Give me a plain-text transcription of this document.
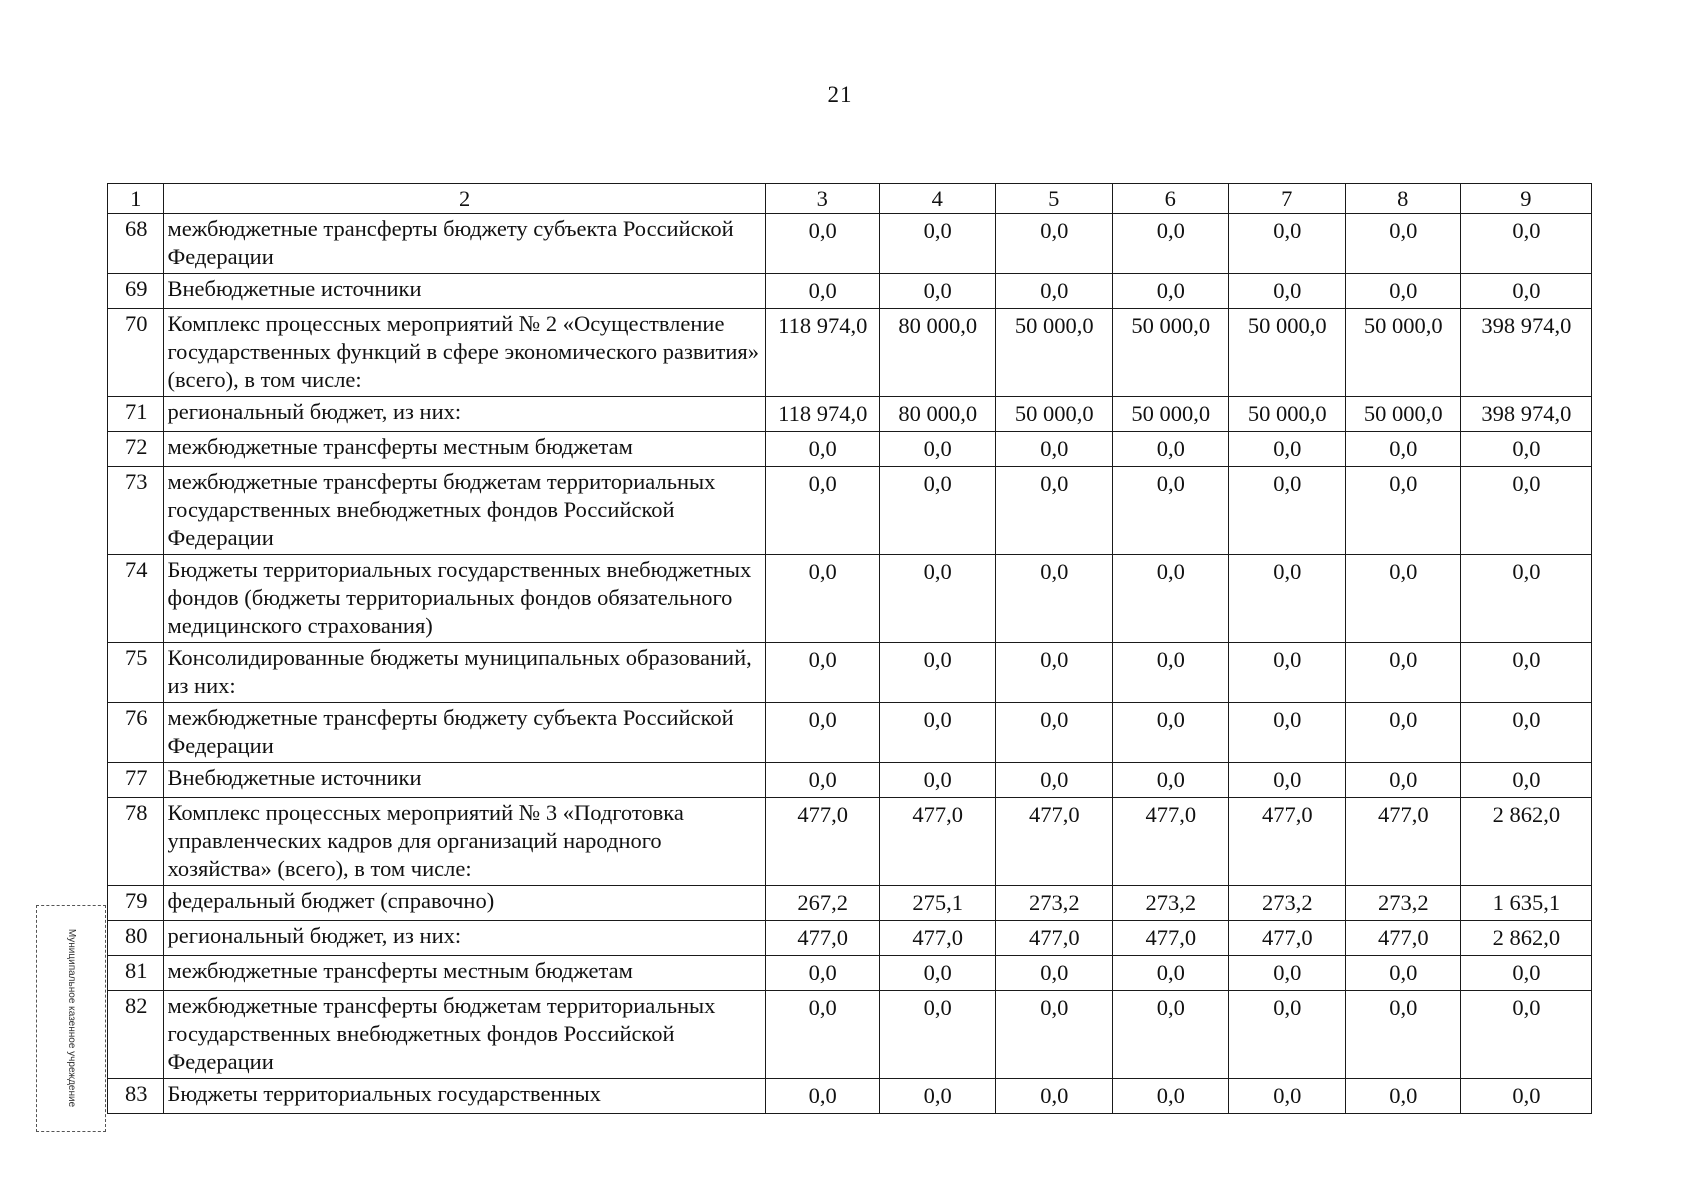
21
1	2	3	4	5	6	7	8	9
68	межбюджетные трансферты бюджету субъекта Российской Федерации	0,0	0,0	0,0	0,0	0,0	0,0	0,0
69	Внебюджетные источники	0,0	0,0	0,0	0,0	0,0	0,0	0,0
70	Комплекс процессных мероприятий № 2 «Осуществление государственных функций в сфере экономического развития» (всего), в том числе:	118 974,0	80 000,0	50 000,0	50 000,0	50 000,0	50 000,0	398 974,0
71	региональный бюджет, из них:	118 974,0	80 000,0	50 000,0	50 000,0	50 000,0	50 000,0	398 974,0
72	межбюджетные трансферты местным бюджетам	0,0	0,0	0,0	0,0	0,0	0,0	0,0
73	межбюджетные трансферты бюджетам территориальных государственных внебюджетных фондов Российской Федерации	0,0	0,0	0,0	0,0	0,0	0,0	0,0
74	Бюджеты территориальных государственных внебюджетных фондов (бюджеты территориальных фондов обязательного медицинского страхования)	0,0	0,0	0,0	0,0	0,0	0,0	0,0
75	Консолидированные бюджеты муниципальных образований, из них:	0,0	0,0	0,0	0,0	0,0	0,0	0,0
76	межбюджетные трансферты бюджету субъекта Российской Федерации	0,0	0,0	0,0	0,0	0,0	0,0	0,0
77	Внебюджетные источники	0,0	0,0	0,0	0,0	0,0	0,0	0,0
78	Комплекс процессных мероприятий № 3 «Подготовка управленческих кадров для организаций народного хозяйства» (всего), в том числе:	477,0	477,0	477,0	477,0	477,0	477,0	2 862,0
79	федеральный бюджет (справочно)	267,2	275,1	273,2	273,2	273,2	273,2	1 635,1
80	региональный бюджет, из них:	477,0	477,0	477,0	477,0	477,0	477,0	2 862,0
81	межбюджетные трансферты местным бюджетам	0,0	0,0	0,0	0,0	0,0	0,0	0,0
82	межбюджетные трансферты бюджетам территориальных государственных внебюджетных фондов Российской Федерации	0,0	0,0	0,0	0,0	0,0	0,0	0,0
83	Бюджеты территориальных государственных	0,0	0,0	0,0	0,0	0,0	0,0	0,0
Муниципальное казенное учреждение
